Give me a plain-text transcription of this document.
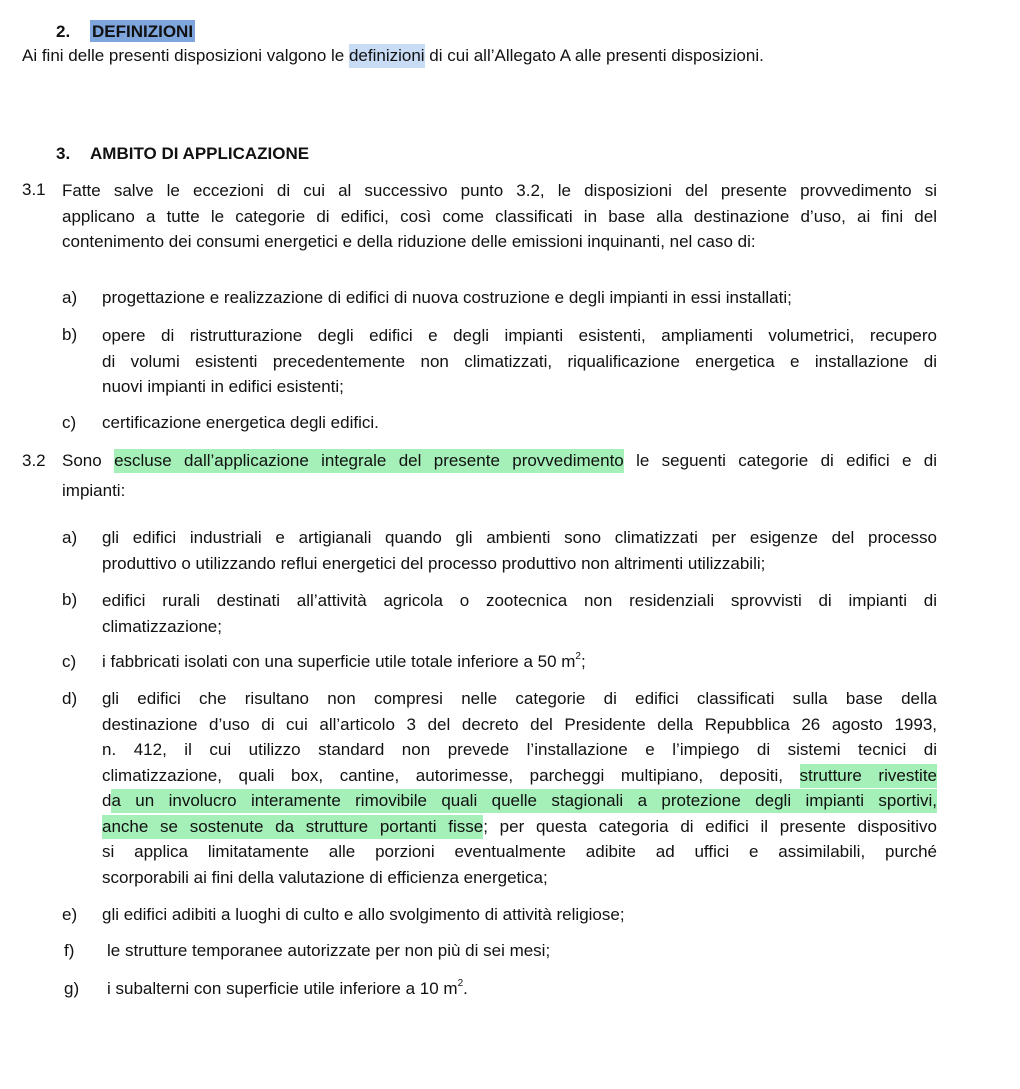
2. DEFINIZIONI
Ai fini delle presenti disposizioni valgono le definizioni di cui all’Allegato A alle presenti disposizioni.
3. AMBITO DI APPLICAZIONE
3.1 Fatte salve le eccezioni di cui al successivo punto 3.2, le disposizioni del presente provvedimento si
applicano a tutte le categorie di edifici, così come classificati in base alla destinazione d’uso, ai fini del
contenimento dei consumi energetici e della riduzione delle emissioni inquinanti, nel caso di:
a) progettazione e realizzazione di edifici di nuova costruzione e degli impianti in essi installati;
b) opere di ristrutturazione degli edifici e degli impianti esistenti, ampliamenti volumetrici, recupero
di volumi esistenti precedentemente non climatizzati, riqualificazione energetica e installazione di
nuovi impianti in edifici esistenti;
c) certificazione energetica degli edifici.
3.2 Sono escluse dall’applicazione integrale del presente provvedimento le seguenti categorie di edifici e di
impianti:
a) gli edifici industriali e artigianali quando gli ambienti sono climatizzati per esigenze del processo
produttivo o utilizzando reflui energetici del processo produttivo non altrimenti utilizzabili;
b) edifici rurali destinati all’attività agricola o zootecnica non residenziali sprovvisti di impianti di
climatizzazione;
c) i fabbricati isolati con una superficie utile totale inferiore a 50 $m^2$;
d) gli edifici che risultano non compresi nelle categorie di edifici classificati sulla base della
destinazione d’uso di cui all’articolo 3 del decreto del Presidente della Repubblica 26 agosto 1993,
n. 412, il cui utilizzo standard non prevede l’installazione e l’impiego di sistemi tecnici di
climatizzazione, quali box, cantine, autorimesse, parcheggi multipiano, depositi, strutture rivestite
da un involucro interamente rimovibile quali quelle stagionali a protezione degli impianti sportivi,
anche se sostenute da strutture portanti fisse; per questa categoria di edifici il presente dispositivo
si applica limitatamente alle porzioni eventualmente adibite ad uffici e assimilabili, purché
scorporabili ai fini della valutazione di efficienza energetica;
e) gli edifici adibiti a luoghi di culto e allo svolgimento di attività religiose;
f) le strutture temporanee autorizzate per non più di sei mesi;
g) i subalterni con superficie utile inferiore a 10 $m^2$.
